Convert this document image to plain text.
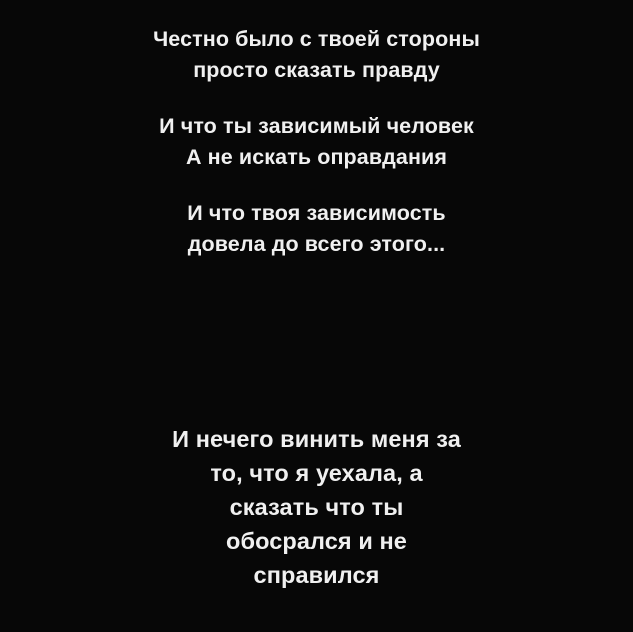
Честно было с твоей стороны
просто сказать правду
И что ты зависимый человек
А не искать оправдания
И что твоя зависимость
довела до всего этого...
И нечего винить меня за
то, что я уехала, а
сказать что ты
обосрался и не
справился
